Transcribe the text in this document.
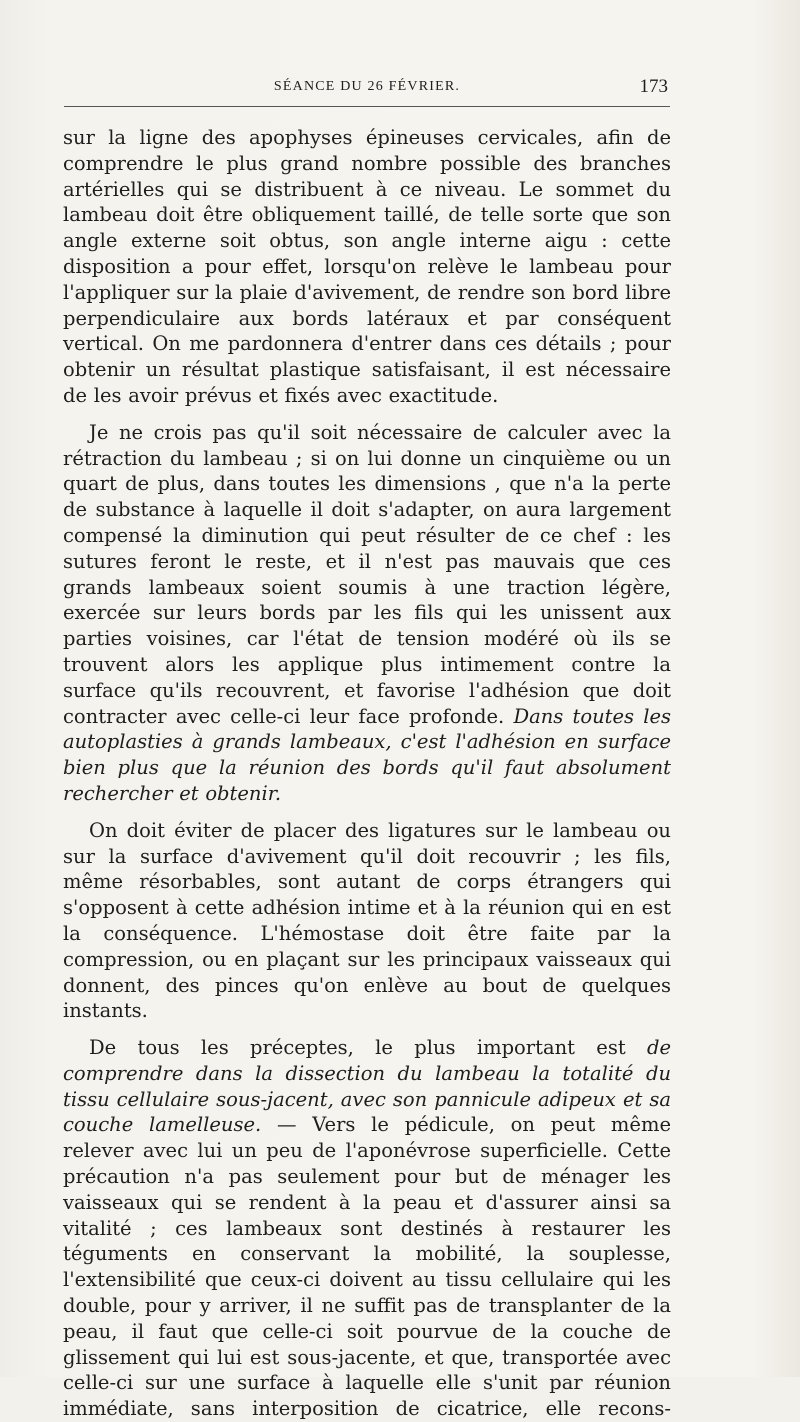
SÉANCE DU 26 FÉVRIER.	173

sur la ligne des apophyses épineuses cervicales, afin de comprendre le plus grand nombre possible des branches artérielles qui se distribuent à ce niveau. Le sommet du lambeau doit être obliquement taillé, de telle sorte que son angle externe soit obtus, son angle interne aigu : cette disposition a pour effet, lorsqu'on relève le lambeau pour l'appliquer sur la plaie d'avivement, de rendre son bord libre perpendiculaire aux bords latéraux et par conséquent vertical. On me pardonnera d'entrer dans ces détails ; pour obtenir un résultat plastique satisfaisant, il est nécessaire de les avoir prévus et fixés avec exactitude.

Je ne crois pas qu'il soit nécessaire de calculer avec la rétraction du lambeau ; si on lui donne un cinquième ou un quart de plus, dans toutes les dimensions , que n'a la perte de substance à laquelle il doit s'adapter, on aura largement compensé la diminution qui peut résulter de ce chef : les sutures feront le reste, et il n'est pas mauvais que ces grands lambeaux soient soumis à une traction légère, exercée sur leurs bords par les fils qui les unissent aux parties voisines, car l'état de tension modéré où ils se trouvent alors les applique plus intimement contre la surface qu'ils recouvrent, et favorise l'adhésion que doit contracter avec celle-ci leur face profonde. Dans toutes les autoplasties à grands lambeaux, c'est l'adhésion en surface bien plus que la réunion des bords qu'il faut absolument rechercher et obtenir.

On doit éviter de placer des ligatures sur le lambeau ou sur la surface d'avivement qu'il doit recouvrir ; les fils, même résorbables, sont autant de corps étrangers qui s'opposent à cette adhésion intime et à la réunion qui en est la conséquence. L'hémostase doit être faite par la compression, ou en plaçant sur les principaux vaisseaux qui donnent, des pinces qu'on enlève au bout de quelques instants.

De tous les préceptes, le plus important est de comprendre dans la dissection du lambeau la totalité du tissu cellulaire sous-jacent, avec son pannicule adipeux et sa couche lamelleuse. — Vers le pédicule, on peut même relever avec lui un peu de l'aponévrose superficielle. Cette précaution n'a pas seulement pour but de ménager les vaisseaux qui se rendent à la peau et d'assurer ainsi sa vitalité ; ces lambeaux sont destinés à restaurer les téguments en conservant la mobilité, la souplesse, l'extensibilité que ceux-ci doivent au tissu cellulaire qui les double, pour y arriver, il ne suffit pas de transplanter de la peau, il faut que celle-ci soit pourvue de la couche de glissement qui lui est sous-jacente, et que, transportée avec celle-ci sur une surface à laquelle elle s'unit par réunion immédiate, sans interposition de cicatrice, elle recons-
